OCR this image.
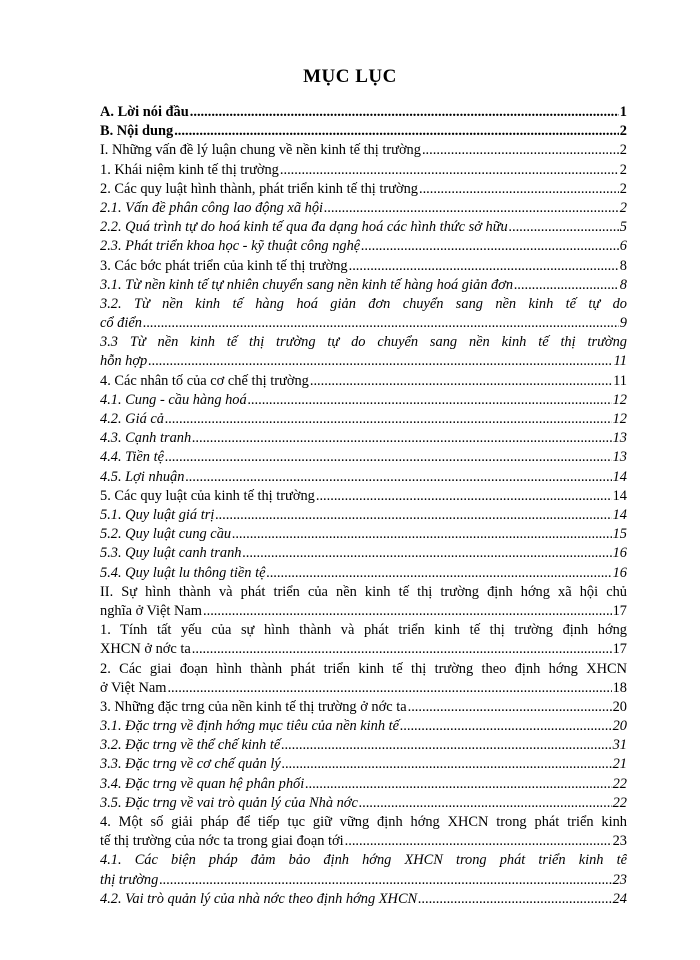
MỤC LỤC
A. Lời nói đầu .....	1
B. Nội dung .....	2
I. Những vấn đề lý luận chung về nền kinh tế thị trường .....	2
1. Khái niệm kinh tế thị trường .....	2
2. Các quy luật hình thành, phát triển kinh tế thị trường .....	2
2.1. Vấn đề phân công lao động xã hội .....	2
2.2. Quá trình tự do hoá kinh tế qua đa dạng hoá các hình thức sở hữu .....	5
2.3. Phát triển khoa học - kỹ thuật công nghệ .....	6
3. Các bớc phát triển của kinh tế thị trường .....	8
3.1. Từ nền kinh tế tự nhiên chuyển sang nền kinh tế hàng hoá giản đơn .....	8
3.2. Từ nền kinh tế hàng hoá giản đơn chuyển sang nền kinh tế tự do
cổ điển .....	9
3.3 Từ nền kinh tế thị trường tự do chuyển sang nền kinh tế thị trường
hỗn hợp .....	11
4. Các nhân tố của cơ chế thị trường .....	11
4.1. Cung - cầu hàng hoá .....	12
4.2. Giá cả .....	12
4.3. Cạnh tranh .....	13
4.4. Tiền tệ .....	13
4.5. Lợi nhuận .....	14
5. Các quy luật của kinh tế thị trường .....	14
5.1. Quy luật giá trị .....	14
5.2. Quy luật cung cầu .....	15
5.3. Quy luật canh tranh .....	16
5.4. Quy luật lu thông tiền tệ .....	16
II. Sự hình thành và phát triển của nền kinh tế thị trường định hớng xã hội chủ
nghĩa ở Việt Nam .....	17
1. Tính tất yếu của sự hình thành và phát triển kinh tế thị trường định hớng
XHCN ở nớc ta .....	17
2. Các giai đoạn hình thành phát triển kinh tế thị trường theo định hớng XHCN
ở Việt Nam .....	18
3. Những đặc trng của nền kinh tế thị trường ở nớc ta .....	20
3.1. Đặc trng về định hớng mục tiêu của nền kinh tế .....	20
3.2. Đặc trng về thể chế kinh tế .....	31
3.3. Đặc trng về cơ chế quản lý .....	21
3.4. Đặc trng về quan hệ phân phối .....	22
3.5. Đặc trng về vai trò quản lý của Nhà nớc .....	22
4. Một số giải pháp để tiếp tục giữ vững định hớng XHCN trong phát triển kinh
tế thị trường của nớc ta trong giai đoạn tới .....	23
4.1. Các biện pháp đảm bảo định hớng XHCN trong phát triển kinh tế
thị trường .....	23
4.2. Vai trò quản lý của nhà nớc theo định hớng XHCN .....	24
